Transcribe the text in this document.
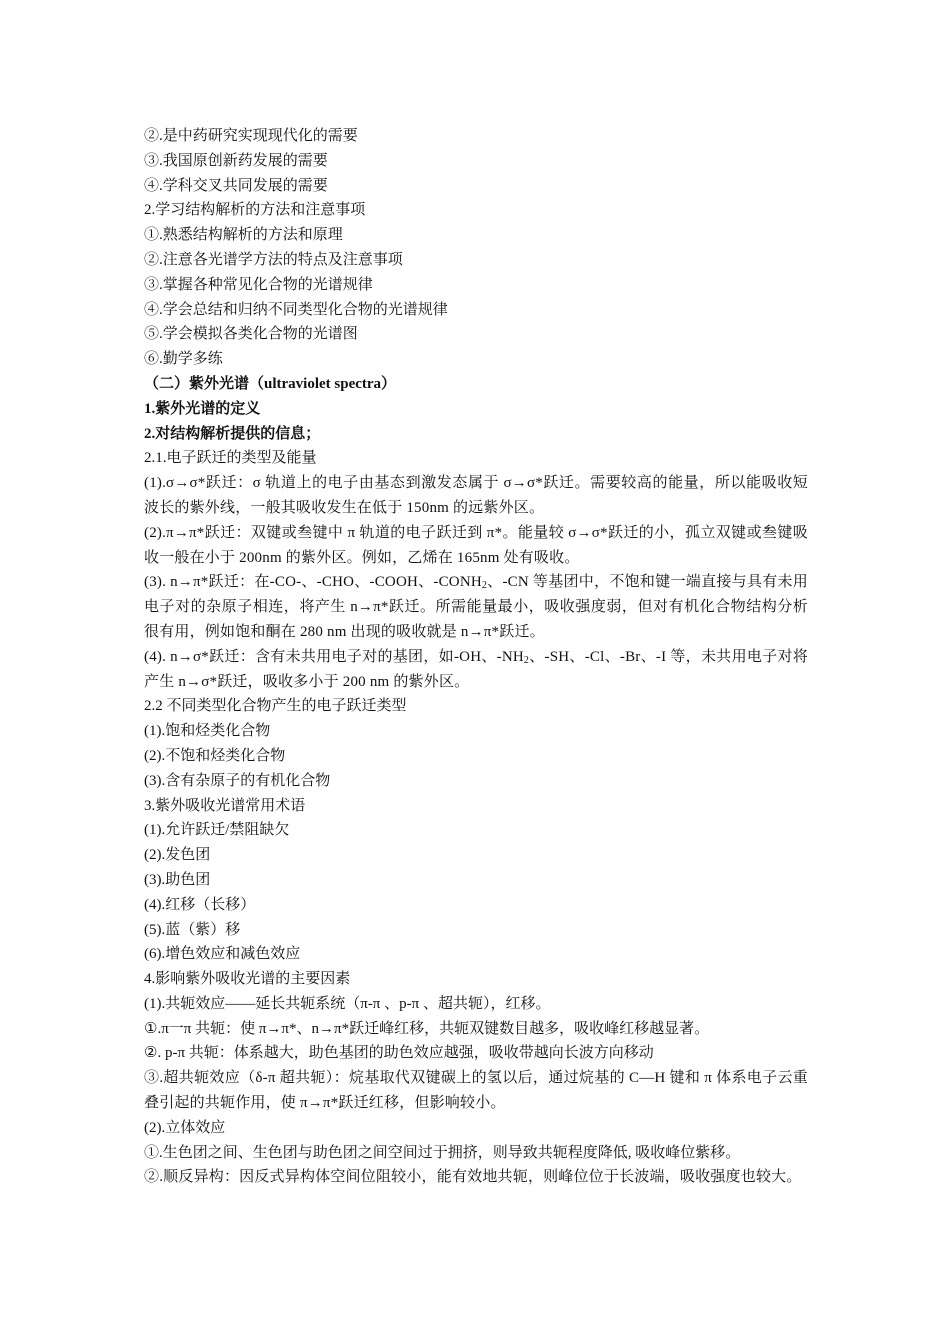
②.是中药研究实现现代化的需要
③.我国原创新药发展的需要
④.学科交叉共同发展的需要
2.学习结构解析的方法和注意事项
①.熟悉结构解析的方法和原理
②.注意各光谱学方法的特点及注意事项
③.掌握各种常见化合物的光谱规律
④.学会总结和归纳不同类型化合物的光谱规律
⑤.学会模拟各类化合物的光谱图
⑥.勤学多练
（二）紫外光谱（ultraviolet spectra）
1.紫外光谱的定义
2.对结构解析提供的信息；
2.1.电子跃迁的类型及能量
(1).σ→σ*跃迁：σ 轨道上的电子由基态到激发态属于 σ→σ*跃迁。需要较高的能量，所以能吸收短波长的紫外线，一般其吸收发生在低于 150nm 的远紫外区。
(2).π→π*跃迁：双键或叁键中 π 轨道的电子跃迁到 π*。能量较 σ→σ*跃迁的小，孤立双键或叁键吸收一般在小于 200nm 的紫外区。例如，乙烯在 165nm 处有吸收。
(3). n→π*跃迁：在-CO-、-CHO、-COOH、$-CONH_2$、-CN 等基团中，不饱和键一端直接与具有未用电子对的杂原子相连，将产生 n→π*跃迁。所需能量最小，吸收强度弱，但对有机化合物结构分析很有用，例如饱和酮在 280 nm 出现的吸收就是 n→π*跃迁。
(4). n→σ*跃迁：含有未共用电子对的基团，如-OH、$-NH_2$、-SH、-Cl、-Br、-I 等，未共用电子对将产生 n→σ*跃迁，吸收多小于 200 nm 的紫外区。
2.2 不同类型化合物产生的电子跃迁类型
(1).饱和烃类化合物
(2).不饱和烃类化合物
(3).含有杂原子的有机化合物
3.紫外吸收光谱常用术语
(1).允许跃迁/禁阻缺欠
(2).发色团
(3).助色团
(4).红移（长移）
(5).蓝（紫）移
(6).增色效应和减色效应
4.影响紫外吸收光谱的主要因素
(1).共轭效应——延长共轭系统（π-π 、p-π 、超共轭），红移。
①.π一π 共轭：使 π→π*、n→π*跃迁峰红移，共轭双键数目越多，吸收峰红移越显著。
②. p-π 共轭：体系越大，助色基团的助色效应越强，吸收带越向长波方向移动
③.超共轭效应（δ-π 超共轭）：烷基取代双键碳上的氢以后，通过烷基的 C—H 键和 π 体系电子云重叠引起的共轭作用，使 π→π*跃迁红移，但影响较小。
(2).立体效应
①.生色团之间、生色团与助色团之间空间过于拥挤，则导致共轭程度降低, 吸收峰位紫移。
②.顺反异构：因反式异构体空间位阻较小，能有效地共轭，则峰位位于长波端，吸收强度也较大。
